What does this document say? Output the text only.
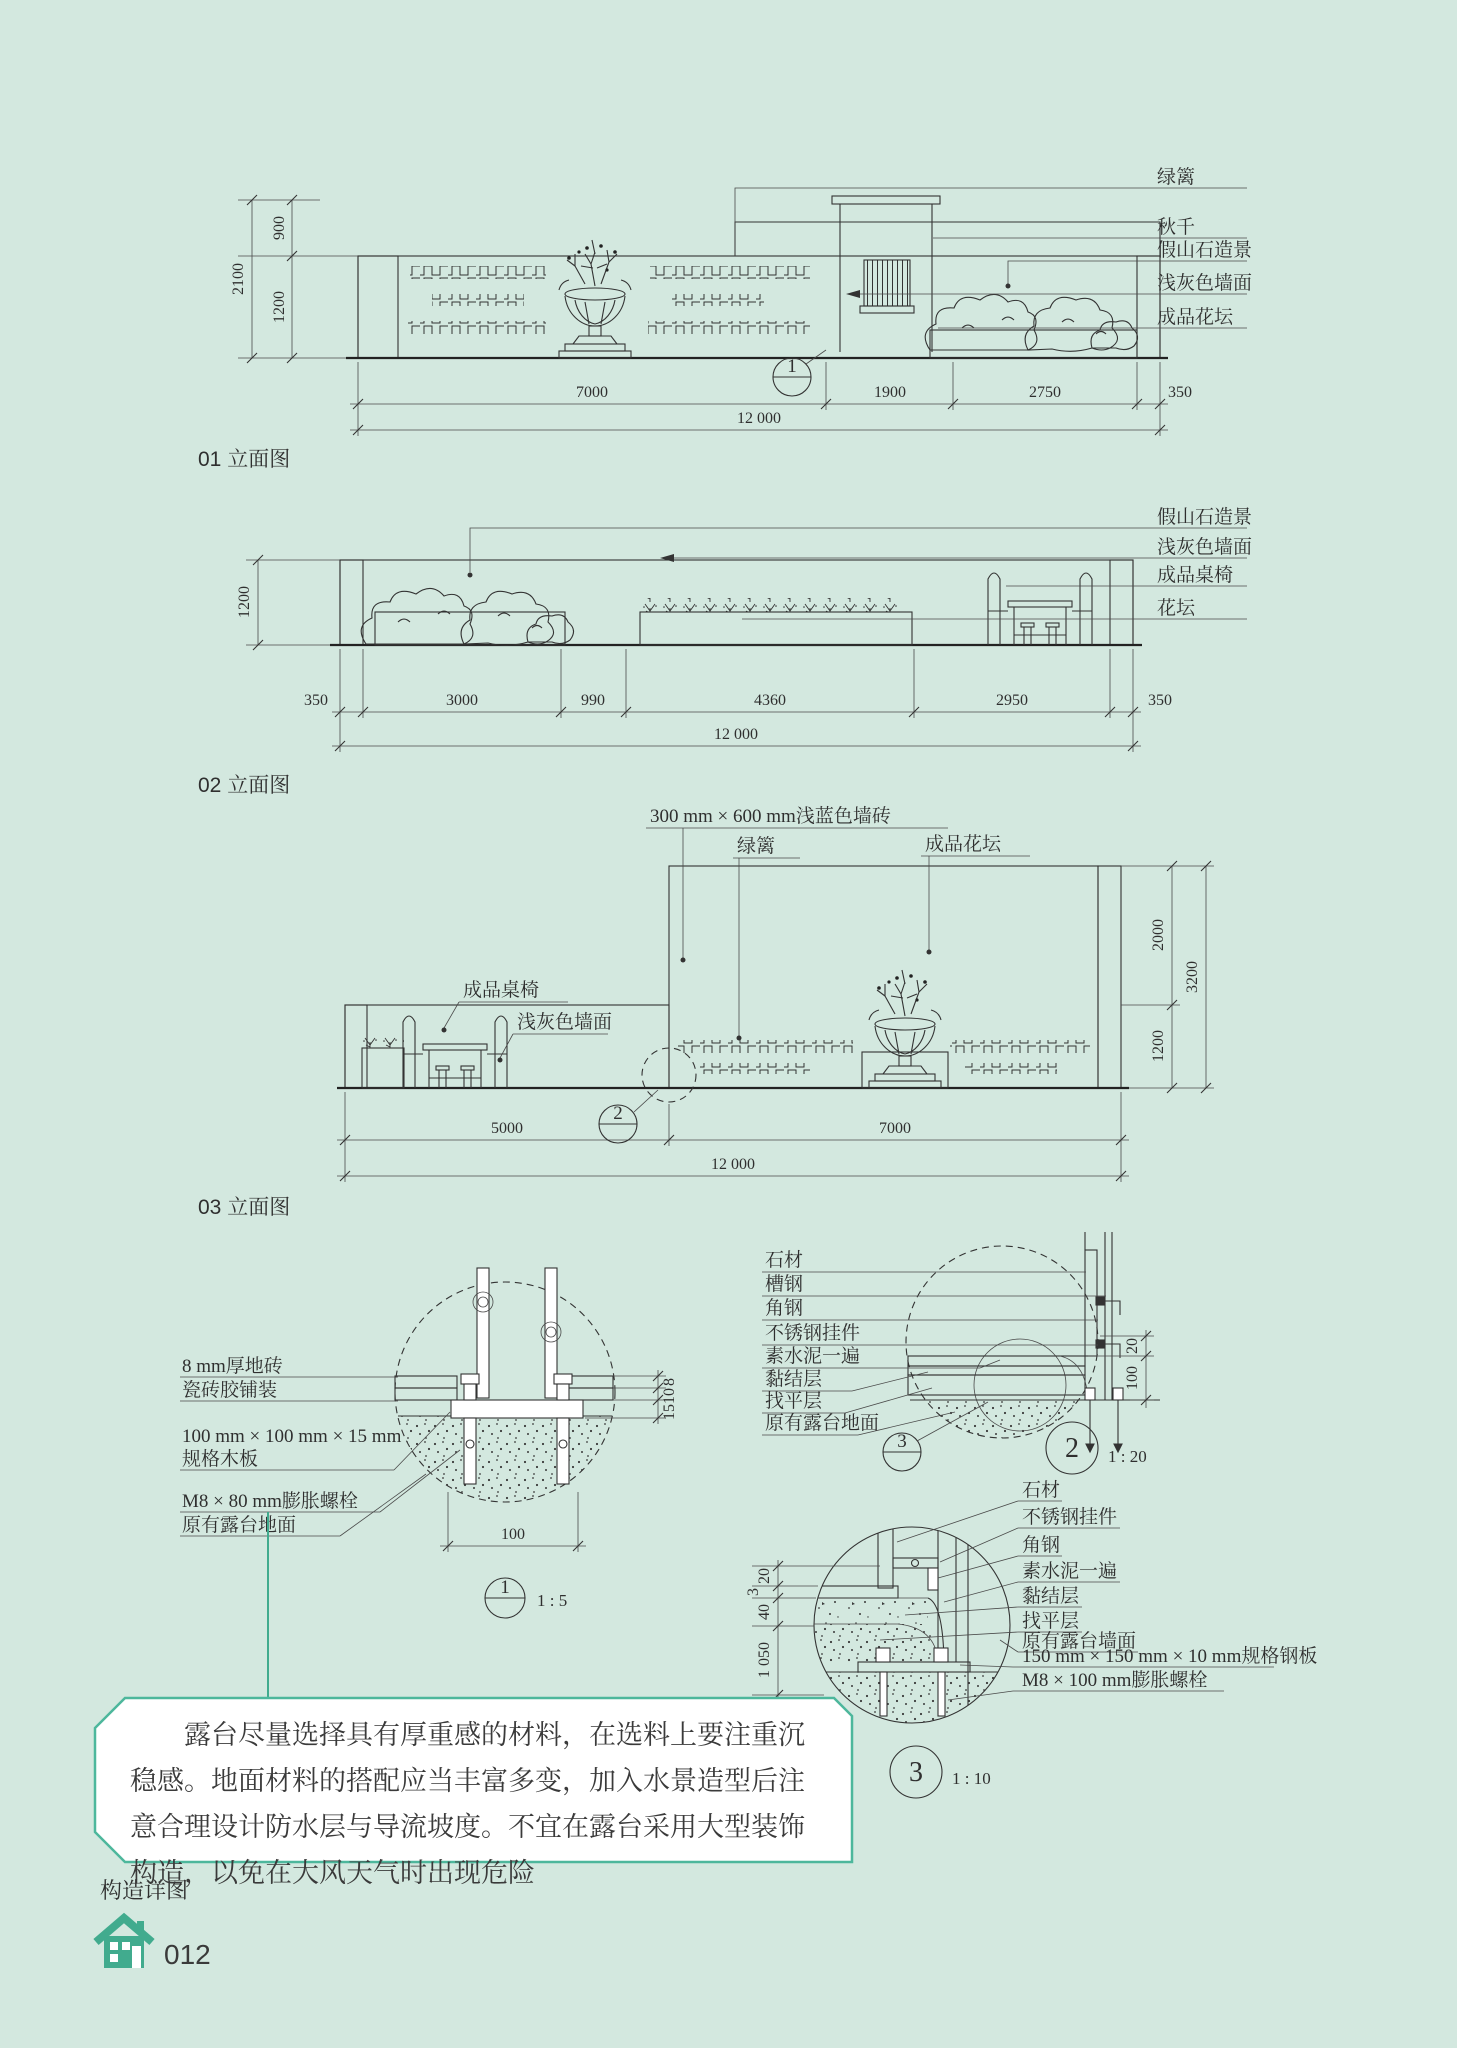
绿篱
秋千
假山石造景
浅灰色墙面
成品花坛
2100
900
1200
7000	1900	2750	350
12 000
1
01 立面图
假山石造景
浅灰色墙面
成品桌椅
花坛
1200
350	3000	990	4360	2950	350
12 000
02 立面图
300 mm × 600 mm浅蓝色墙砖
绿篱	成品花坛
成品桌椅
浅灰色墙面
2000
1200
3200
5000	7000
12 000
2
03 立面图
8 mm厚地砖
瓷砖胶铺装
100 mm × 100 mm × 15 mm
规格木板
M8 × 80 mm膨胀螺栓
原有露台地面
8
10
15
100
1
1 : 5
石材
槽钢
角钢
不锈钢挂件
素水泥一遍
黏结层
找平层
原有露台地面
20
100
3	2 1 : 20
20
3
40
1 050
石材
不锈钢挂件
角钢
素水泥一遍
黏结层
找平层
原有露台墙面
150 mm × 150 mm × 10 mm规格钢板
M8 × 100 mm膨胀螺栓
3 1 : 10
构造详图
012
露台尽量选择具有厚重感的材料，在选料上要注重沉稳感。地面材料的搭配应当丰富多变，加入水景造型后注意合理设计防水层与导流坡度。不宜在露台采用大型装饰构造，以免在大风天气时出现危险
